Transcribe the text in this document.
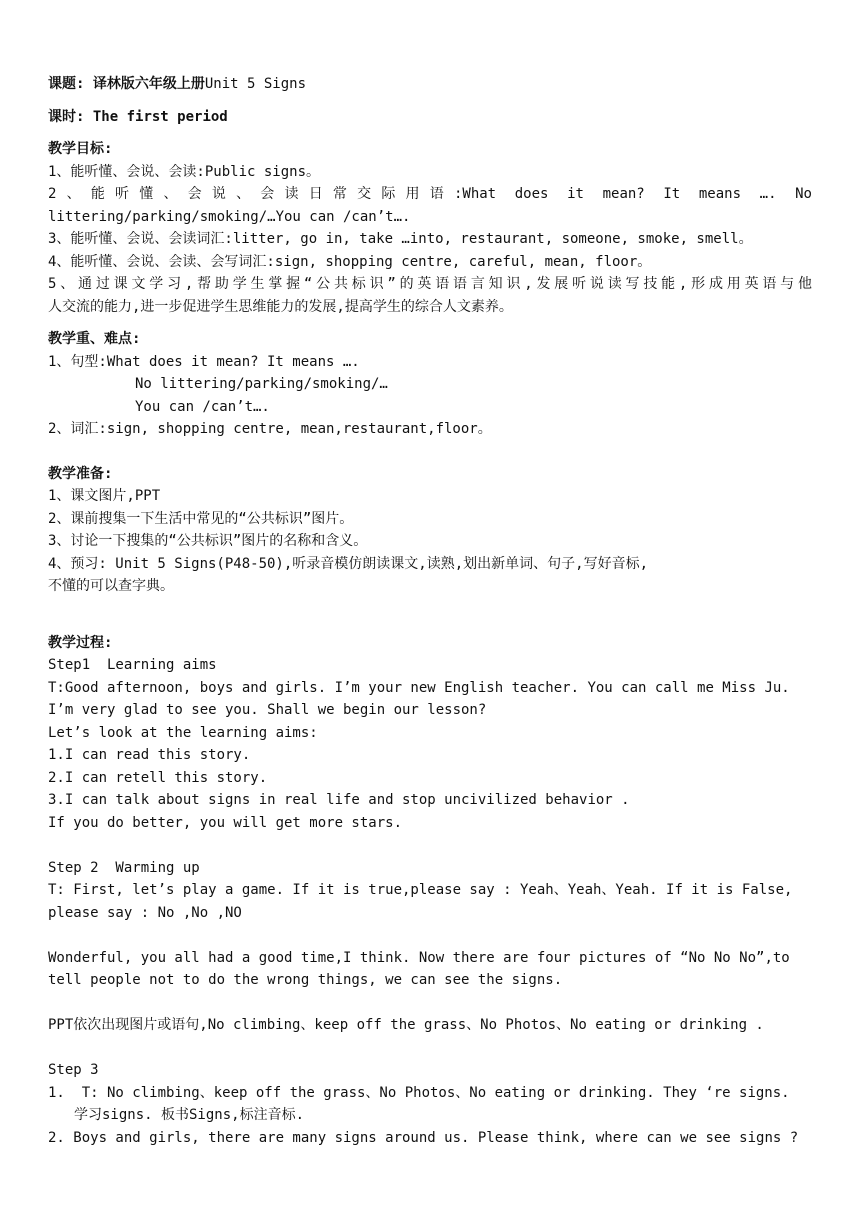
课题: 译林版六年级上册Unit 5 Signs
课时: The first period
教学目标:
1、能听懂、会说、会读:Public signs。
2、能听懂、会说、会读日常交际用语:What does it mean? It means …. No
littering/parking/smoking/…You can /can’t….
3、能听懂、会说、会读词汇:litter, go in, take …into, restaurant, someone, smoke, smell。
4、能听懂、会说、会读、会写词汇:sign, shopping centre, careful, mean, floor。
5、通过课文学习,帮助学生掌握“公共标识”的英语语言知识,发展听说读写技能,形成用英语与他
人交流的能力,进一步促进学生思维能力的发展,提高学生的综合人文素养。
教学重、难点:
1、句型:What does it mean? It means ….
No littering/parking/smoking/…
You can /can’t….
2、词汇:sign, shopping centre, mean,restaurant,floor。
教学准备:
1、课文图片,PPT
2、课前搜集一下生活中常见的“公共标识”图片。
3、讨论一下搜集的“公共标识”图片的名称和含义。
4、预习: Unit 5 Signs(P48-50),听录音模仿朗读课文,读熟,划出新单词、句子,写好音标,
不懂的可以查字典。
教学过程:
Step1  Learning aims
T:Good afternoon, boys and girls. I’m your new English teacher. You can call me Miss Ju.
I’m very glad to see you. Shall we begin our lesson?
Let’s look at the learning aims:
1.I can read this story.
2.I can retell this story.
3.I can talk about signs in real life and stop uncivilized behavior .
If you do better, you will get more stars.
Step 2  Warming up
T: First, let’s play a game. If it is true,please say : Yeah、Yeah、Yeah. If it is False,
please say : No ,No ,NO
Wonderful, you all had a good time,I think. Now there are four pictures of “No No No”,to
tell people not to do the wrong things, we can see the signs.
PPT依次出现图片或语句,No climbing、keep off the grass、No Photos、No eating or drinking .
Step 3
1.  T: No climbing、keep off the grass、No Photos、No eating or drinking. They ‘re signs.
学习signs. 板书Signs,标注音标.
2. Boys and girls, there are many signs around us. Please think, where can we see signs ?
